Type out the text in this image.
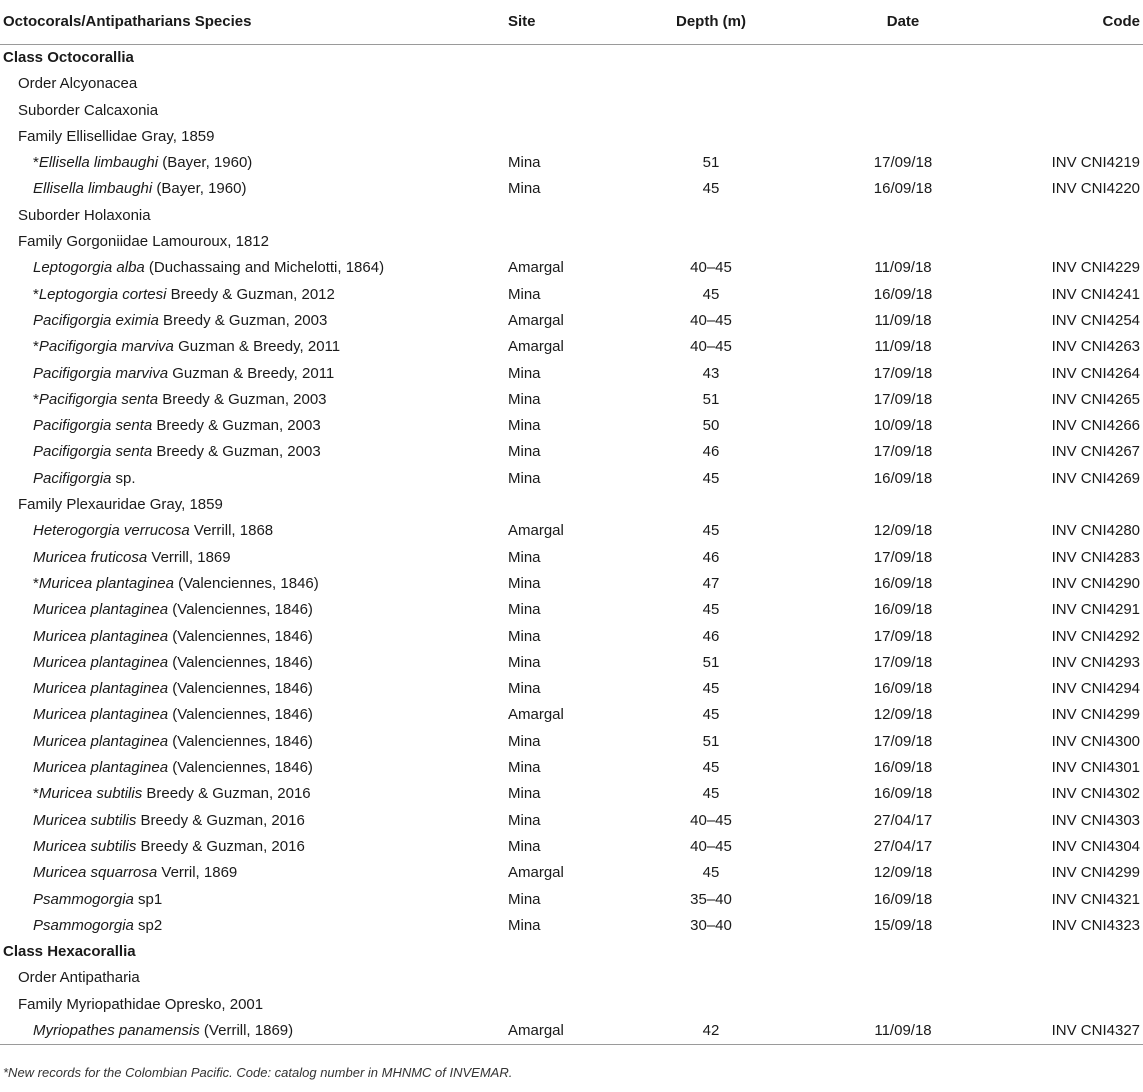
Octocorals/Antipatharians Species	Site	Depth (m)	Date	Code
Class Octocorallia
Order Alcyonacea
Suborder Calcaxonia
Family Ellisellidae Gray, 1859
*Ellisella limbaughi (Bayer, 1960)	Mina	51	17/09/18	INV CNI4219
Ellisella limbaughi (Bayer, 1960)	Mina	45	16/09/18	INV CNI4220
Suborder Holaxonia
Family Gorgoniidae Lamouroux, 1812
Leptogorgia alba (Duchassaing and Michelotti, 1864)	Amargal	40–45	11/09/18	INV CNI4229
*Leptogorgia cortesi Breedy & Guzman, 2012	Mina	45	16/09/18	INV CNI4241
Pacifigorgia eximia Breedy & Guzman, 2003	Amargal	40–45	11/09/18	INV CNI4254
*Pacifigorgia marviva Guzman & Breedy, 2011	Amargal	40–45	11/09/18	INV CNI4263
Pacifigorgia marviva Guzman & Breedy, 2011	Mina	43	17/09/18	INV CNI4264
*Pacifigorgia senta Breedy & Guzman, 2003	Mina	51	17/09/18	INV CNI4265
Pacifigorgia senta Breedy & Guzman, 2003	Mina	50	10/09/18	INV CNI4266
Pacifigorgia senta Breedy & Guzman, 2003	Mina	46	17/09/18	INV CNI4267
Pacifigorgia sp.	Mina	45	16/09/18	INV CNI4269
Family Plexauridae Gray, 1859
Heterogorgia verrucosa Verrill, 1868	Amargal	45	12/09/18	INV CNI4280
Muricea fruticosa Verrill, 1869	Mina	46	17/09/18	INV CNI4283
*Muricea plantaginea (Valenciennes, 1846)	Mina	47	16/09/18	INV CNI4290
Muricea plantaginea (Valenciennes, 1846)	Mina	45	16/09/18	INV CNI4291
Muricea plantaginea (Valenciennes, 1846)	Mina	46	17/09/18	INV CNI4292
Muricea plantaginea (Valenciennes, 1846)	Mina	51	17/09/18	INV CNI4293
Muricea plantaginea (Valenciennes, 1846)	Mina	45	16/09/18	INV CNI4294
Muricea plantaginea (Valenciennes, 1846)	Amargal	45	12/09/18	INV CNI4299
Muricea plantaginea (Valenciennes, 1846)	Mina	51	17/09/18	INV CNI4300
Muricea plantaginea (Valenciennes, 1846)	Mina	45	16/09/18	INV CNI4301
*Muricea subtilis Breedy & Guzman, 2016	Mina	45	16/09/18	INV CNI4302
Muricea subtilis Breedy & Guzman, 2016	Mina	40–45	27/04/17	INV CNI4303
Muricea subtilis Breedy & Guzman, 2016	Mina	40–45	27/04/17	INV CNI4304
Muricea squarrosa Verril, 1869	Amargal	45	12/09/18	INV CNI4299
Psammogorgia sp1	Mina	35–40	16/09/18	INV CNI4321
Psammogorgia sp2	Mina	30–40	15/09/18	INV CNI4323
Class Hexacorallia
Order Antipatharia
Family Myriopathidae Opresko, 2001
Myriopathes panamensis (Verrill, 1869)	Amargal	42	11/09/18	INV CNI4327
*New records for the Colombian Pacific. Code: catalog number in MHNMC of INVEMAR.
